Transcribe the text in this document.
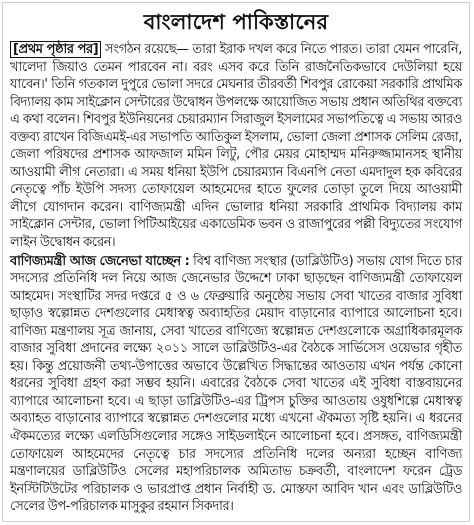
বাংলাদেশ পাকিস্তানের

[প্রথম পৃষ্ঠার পর] সংগঠন রয়েছে— তারা ইরাক দখল করে নিতে পারত। তারা যেমন পারেনি, খালেদা জিয়াও তেমন পারবেন না। বরং এসব করে তিনি রাজনৈতিকভাবে দেউলিয়া হয়ে যাবেন।' তিনি গতকাল দুপুরে ভোলা সদরে মেঘনার তীরবর্তী শিবপুর রোকেয়া সরকারি প্রাথমিক বিদ্যালয় কাম সাইক্লোন সেন্টারের উদ্বোধন উপলক্ষে আয়োজিত সভায় প্রধান অতিথির বক্তব্যে এ কথা বলেন। শিবপুর ইউনিয়নের চেয়ারম্যান সিরাজুল ইসলামের সভাপতিত্বে এ সভায় আরও বক্তব্য রাখেন বিজিএমই-এর সভাপতি আতিকুল ইসলাম, ভোলা জেলা প্রশাসক সেলিম রেজা, জেলা পরিষদের প্রশাসক আফজাল মমিন লিটু, পৌর মেয়র মোহাম্মদ মনিরুজ্জামানসহ স্থানীয় আওয়ামী লীগ নেতারা। এ সময় ধনিয়া ইউপি চেয়ারম্যান বিএনপি নেতা এমদাদুল হক কবিরের নেতৃত্বে পাঁচ ইউপি সদস্য তোফায়েল আহমেদের হাতে ফুলের তোড়া তুলে দিয়ে আওয়ামী লীগে যোগদান করেন। বাণিজ্যমন্ত্রী এদিন ভোলার ধনিয়া সরকারি প্রাথমিক বিদ্যালয় কাম সাইক্লোন সেন্টার, ভোলা পিটিআইয়ের একাডেমিক ভবন ও রাজাপুরের পল্লী বিদ্যুতের সংযোগ লাইন উদ্বোধন করেন।

বাণিজ্যমন্ত্রী আজ জেনেভা যাচ্ছেন : বিশ্ব বাণিজ্য সংস্থার (ডাব্লিউটিও) সভায় যোগ দিতে চার সদস্যের প্রতিনিধি দল নিয়ে আজ জেনেভার উদ্দেশে ঢাকা ছাড়ছেন বাণিজ্যমন্ত্রী তোফায়েল আহমেদ। সংস্থাটির সদর দপ্তরে ৫ ও ৬ ফেব্রুয়ারি অনুষ্ঠেয় সভায় সেবা খাতের বাজার সুবিধা ছাড়াও স্বল্পোন্নত দেশগুলোর মেধাস্বত্ব অব্যাহতির মেয়াদ বাড়ানোর ব্যাপারে আলোচনা হবে। বাণিজ্য মন্ত্রণালয় সূত্র জানায়, সেবা খাতের বাণিজ্যে স্বল্পোন্নত দেশগুলোকে অগ্রাধিকারমূলক বাজার সুবিধা প্রদানের লক্ষ্যে ২০১১ সালে ডাব্লিউটিও-এর বৈঠকে সার্ভিসেস ওয়েভার গৃহীত হয়। কিন্তু প্রয়োজনী তথ্য-উপাত্তের অভাবে উল্লেখিত সিদ্ধান্তের আওতায় এখন পর্যন্ত কোনো ধরনের সুবিধা গ্রহণ করা সম্ভব হয়নি। এবারের বৈঠকে সেবা খাতের এই সুবিধা বাস্তবায়নের ব্যাপারে আলোচনা হবে। এ ছাড়া ডাব্লিউটিও-এর ট্রিপস চুক্তির আওতায় ওষুধশিল্পে মেধাস্বত্ব অব্যাহত বাড়ানোর ব্যাপারে স্বল্পোন্নত দেশগুলোর মধ্যে এখনো ঐকমত্য সৃষ্টি হয়নি। এ ধরনের ঐকমত্যের লক্ষ্যে এলডিসিগুলোর সঙ্গেও সাইডলাইনে আলোচনা হবে। প্রসঙ্গত, বাণিজ্যমন্ত্রী তোফায়েল আহমেদের নেতৃত্বে চার সদস্যের প্রতিনিধি দলের অন্যরা হচ্ছেন বাণিজ্য মন্ত্রণালয়ের ডাব্লিউটিও সেলের মহাপরিচালক অমিতাভ চক্রবর্তী, বাংলাদেশ ফরেন ট্রেড ইনস্টিটিউটের পরিচালক ও ভারপ্রাপ্ত প্রধান নির্বাহী ড. মোস্তফা আবিদ খান এবং ডাব্লিউটিও সেলের উপ-পরিচালক মাসুকুর রহমান সিকদার।
